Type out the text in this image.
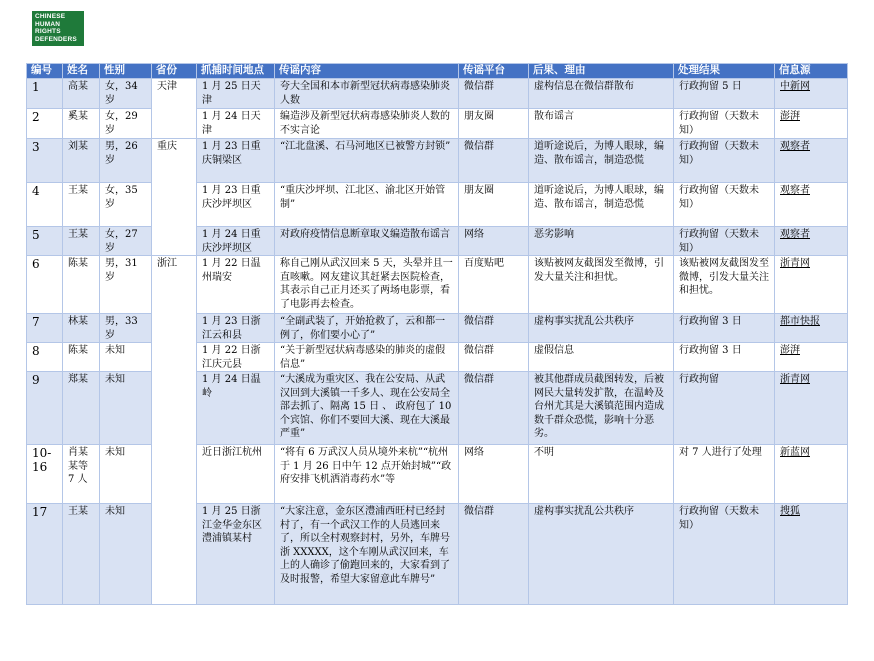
CHINESE
HUMAN
RIGHTS
DEFENDERS
编号	姓名	性别	省份	抓捕时间地点	传谣内容	传谣平台	后果、理由	处理结果	信息源
1	高某	女，34 岁	天津	1 月 25 日天津	夸大全国和本市新型冠状病毒感染肺炎人数	微信群	虚构信息在微信群散布	行政拘留 5 日	中新网
2	奚某	女，29 岁		1 月 24 日天津	编造涉及新型冠状病毒感染肺炎人数的不实言论	朋友圈	散布谣言	行政拘留（天数未知）	澎湃
3	刘某	男，26 岁	重庆	1 月 23 日重庆铜梁区	“江北盘溪、石马河地区已被警方封锁”	微信群	道听途说后，为博人眼球，编造、散布谣言，制造恐慌	行政拘留（天数未知）	观察者
4	王某	女，35 岁		1 月 23 日重庆沙坪坝区	“重庆沙坪坝、江北区、渝北区开始管制”	朋友圈	道听途说后，为博人眼球，编造、散布谣言，制造恐慌	行政拘留（天数未知）	观察者
5	王某	女，27 岁		1 月 24 日重庆沙坪坝区	对政府疫情信息断章取义编造散布谣言	网络	恶劣影响	行政拘留（天数未知）	观察者
6	陈某	男，31 岁	浙江	1 月 22 日温州瑞安	称自己刚从武汉回来 5 天，头晕并且一直咳嗽。网友建议其赶紧去医院检查，其表示自己正月还买了两场电影票，看了电影再去检查。	百度贴吧	该贴被网友截图发至微博，引发大量关注和担忧。	该贴被网友截图发至微博，引发大量关注和担忧。	浙青网
7	林某	男，33 岁		1 月 23 日浙江云和县	“全副武装了，开始抢救了，云和都一例了，你们要小心了”	微信群	虚构事实扰乱公共秩序	行政拘留 3 日	都市快报
8	陈某	未知		1 月 22 日浙江庆元县	“关于新型冠状病毒感染的肺炎的虚假信息”	微信群	虚假信息	行政拘留 3 日	澎湃
9	郑某	未知		1 月 24 日温岭	“大溪成为重灾区、我在公安局、从武汉回到大溪镇一千多人、现在公安局全部去抓了、隔离 15 日 、 政府包了 10 个宾馆、你们不要回大溪、现在大溪最严重”	微信群	被其他群成员截图转发，后被网民大量转发扩散，在温岭及台州尤其是大溪镇范围内造成数千群众恐慌，影响十分恶劣。	行政拘留	浙青网
10-16	肖某某等 7 人	未知		近日浙江杭州	“将有 6 万武汉人员从境外来杭”“杭州于 1 月 26 日中午 12 点开始封城”“政府安排飞机洒消毒药水”等	网络	不明	对 7 人进行了处理	新蓝网
17	王某	未知		1 月 25 日浙江金华金东区澧浦镇某村	“大家注意，金东区澧浦西旺村已经封村了，有一个武汉工作的人员逃回来了，所以全村观察封村，另外，车牌号浙 XXXXX，这个车刚从武汉回来，车上的人确诊了偷跑回来的，大家看到了及时报警，希望大家留意此车牌号”	微信群	虚构事实扰乱公共秩序	行政拘留（天数未知）	搜狐
